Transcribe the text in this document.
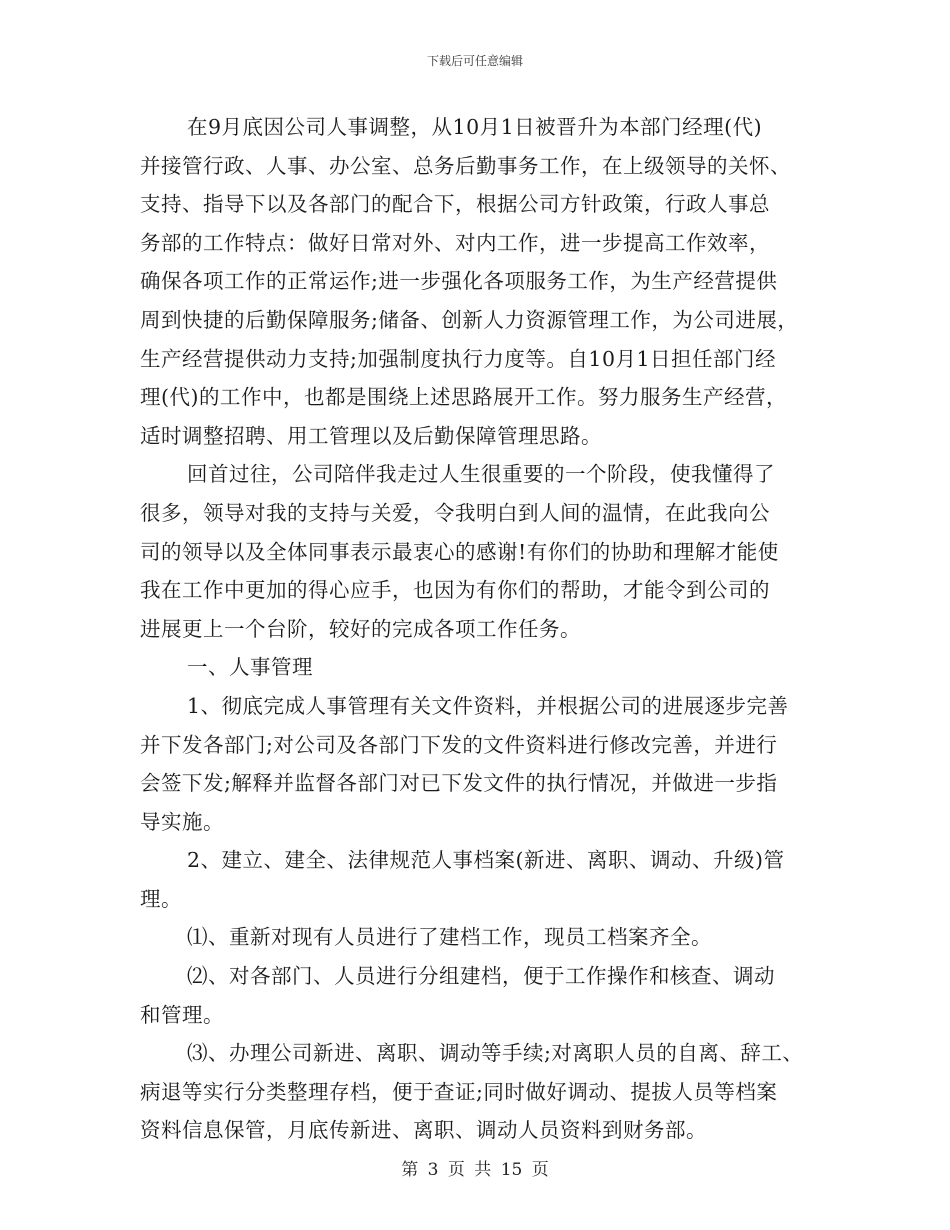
下载后可任意编辑
在9月底因公司人事调整，从10月1日被晋升为本部门经理(代)
并接管行政、人事、办公室、总务后勤事务工作，在上级领导的关怀、
支持、指导下以及各部门的配合下，根据公司方针政策，行政人事总
务部的工作特点：做好日常对外、对内工作，进一步提高工作效率，
确保各项工作的正常运作;进一步强化各项服务工作，为生产经营提供
周到快捷的后勤保障服务;储备、创新人力资源管理工作，为公司进展，
生产经营提供动力支持;加强制度执行力度等。自10月1日担任部门经
理(代)的工作中，也都是围绕上述思路展开工作。努力服务生产经营，
适时调整招聘、用工管理以及后勤保障管理思路。
回首过往，公司陪伴我走过人生很重要的一个阶段，使我懂得了
很多，领导对我的支持与关爱，令我明白到人间的温情，在此我向公
司的领导以及全体同事表示最衷心的感谢!有你们的协助和理解才能使
我在工作中更加的得心应手，也因为有你们的帮助，才能令到公司的
进展更上一个台阶，较好的完成各项工作任务。
一、人事管理
1、彻底完成人事管理有关文件资料，并根据公司的进展逐步完善
并下发各部门;对公司及各部门下发的文件资料进行修改完善，并进行
会签下发;解释并监督各部门对已下发文件的执行情况，并做进一步指
导实施。
2、建立、建全、法律规范人事档案(新进、离职、调动、升级)管
理。
⑴、重新对现有人员进行了建档工作，现员工档案齐全。
⑵、对各部门、人员进行分组建档，便于工作操作和核查、调动
和管理。
⑶、办理公司新进、离职、调动等手续;对离职人员的自离、辞工、
病退等实行分类整理存档，便于查证;同时做好调动、提拔人员等档案
资料信息保管，月底传新进、离职、调动人员资料到财务部。
第 3 页 共 15 页
